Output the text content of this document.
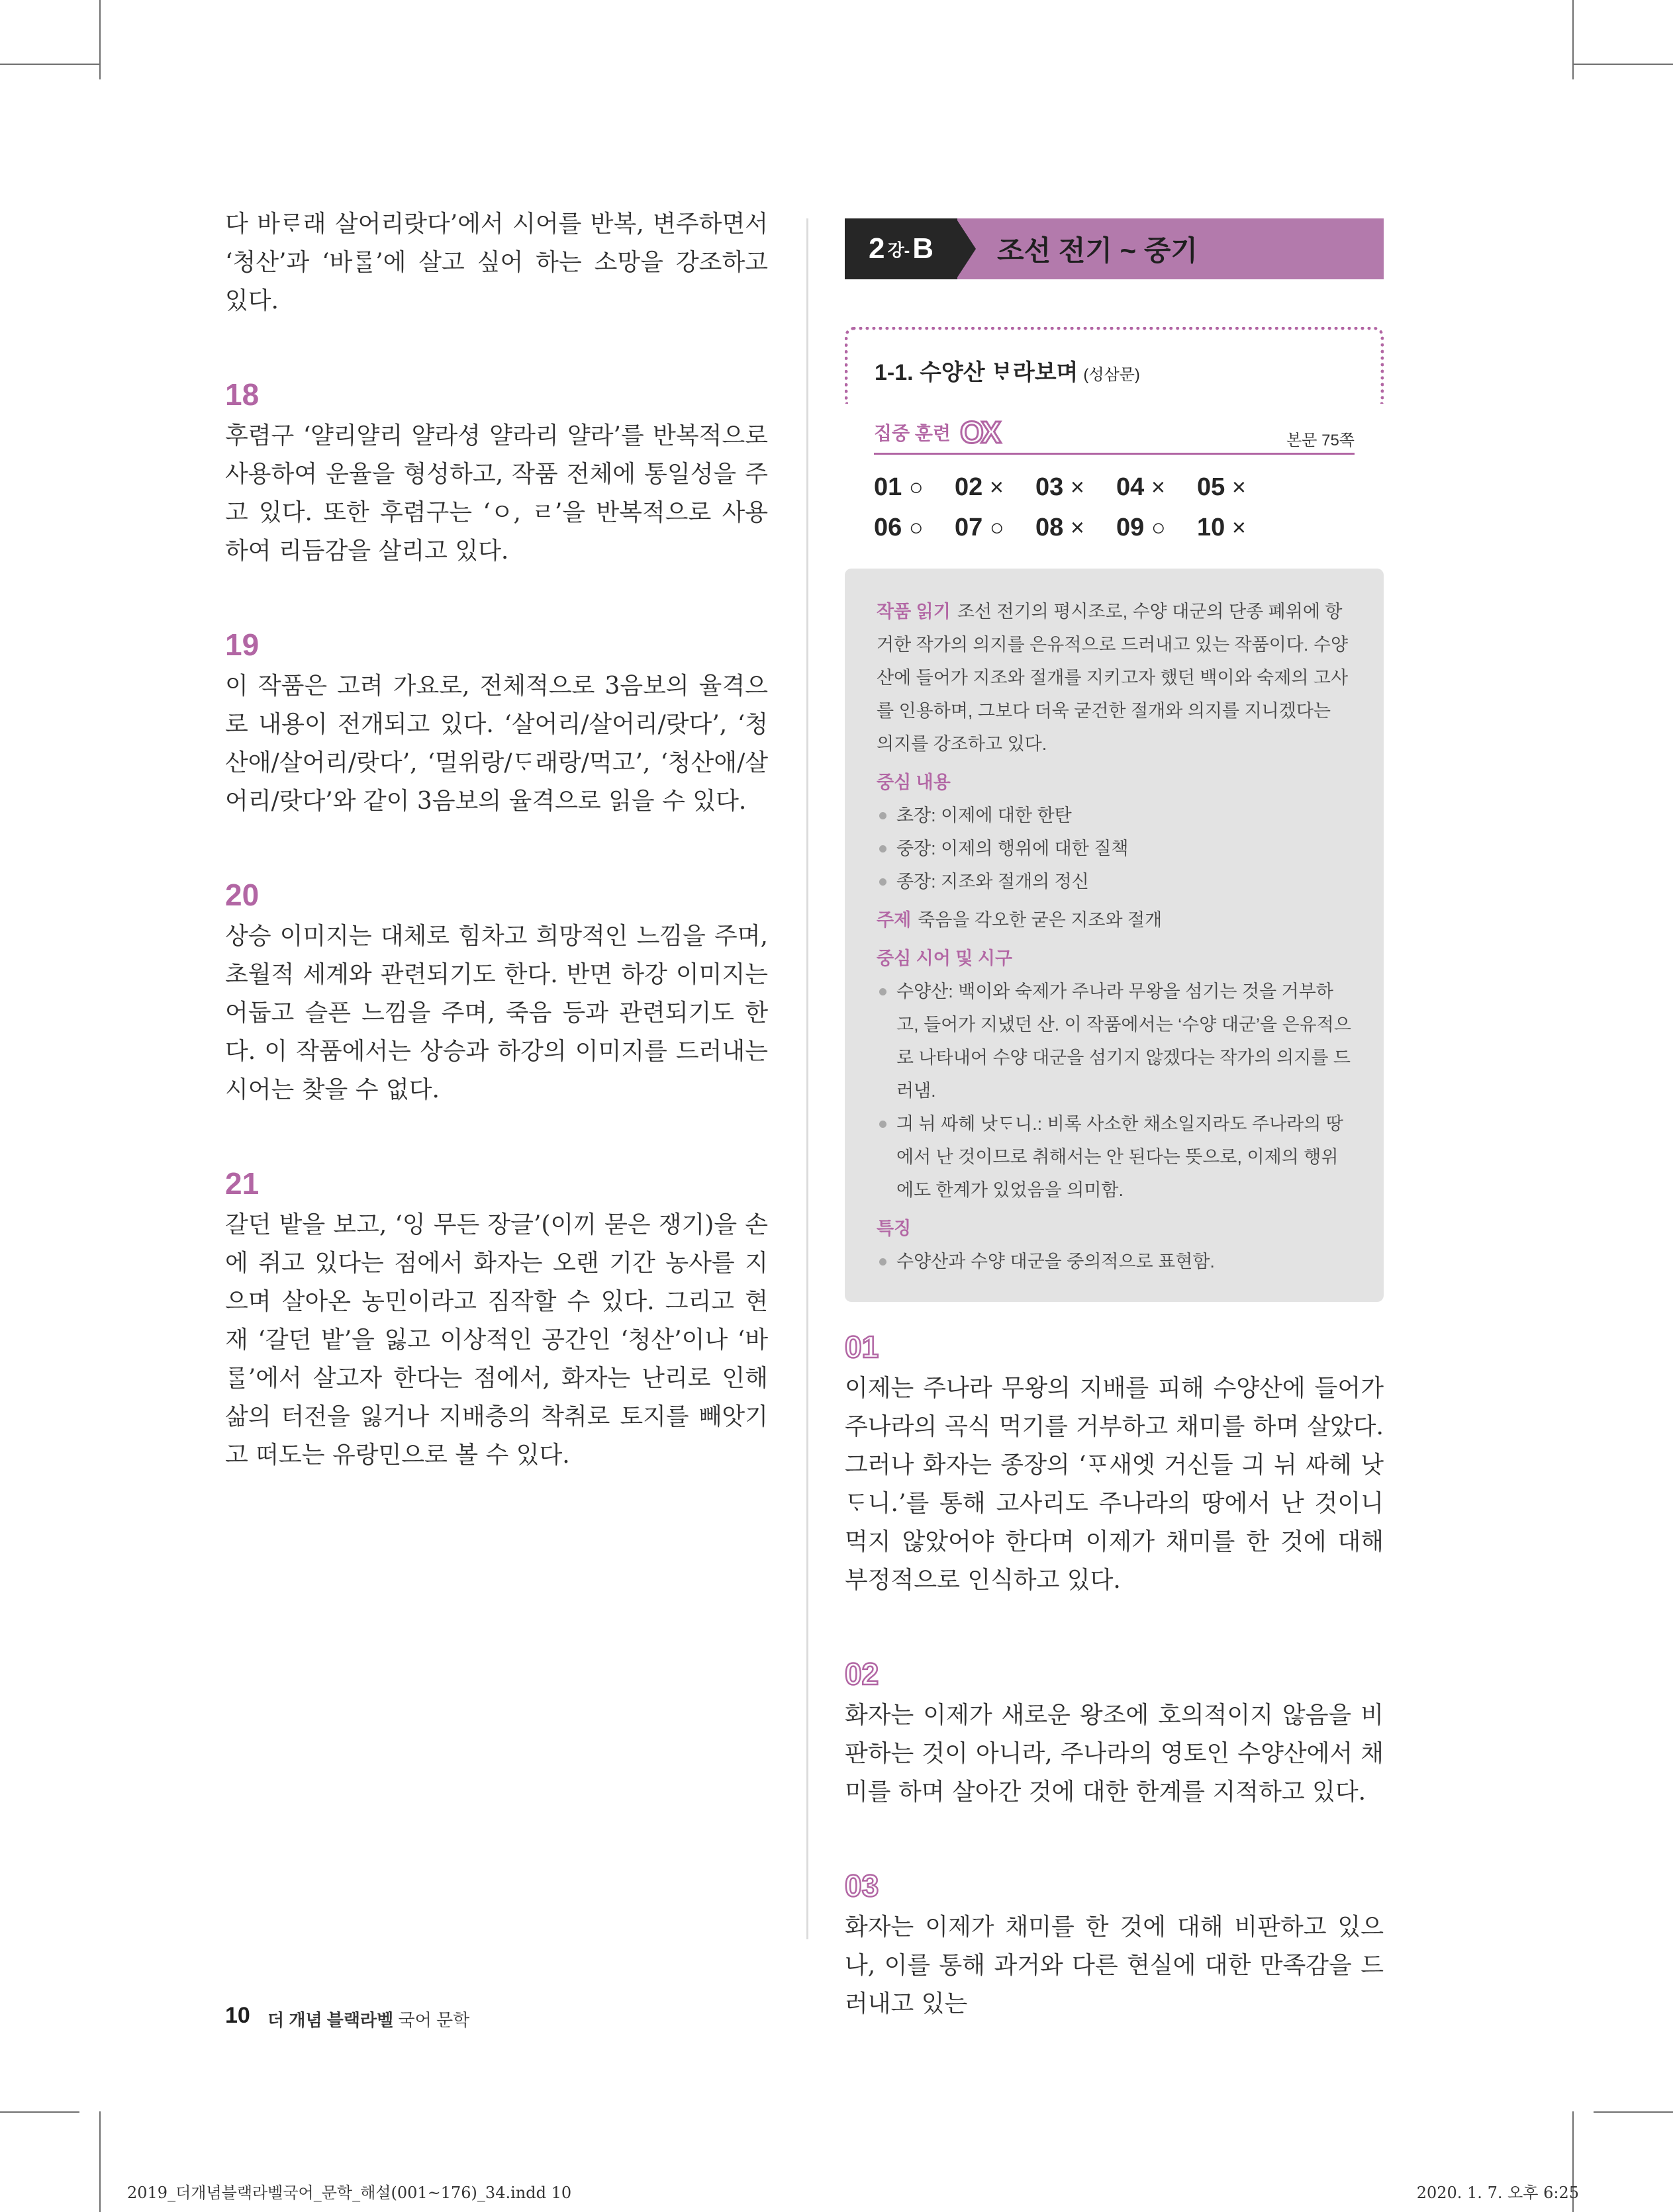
다 바ᄅᆞ래 살어리랏다’에서 시어를 반복, 변주하면서 ‘청산’과 ‘바ᄅᆞᆯ’에 살고 싶어 하는 소망을 강조하고 있다.

18

후렴구 ‘얄리얄리 얄라셩 얄라리 얄라’를 반복적으로 사용하여 운율을 형성하고, 작품 전체에 통일성을 주고 있다. 또한 후렴구는 ‘ㅇ, ㄹ’을 반복적으로 사용하여 리듬감을 살리고 있다.

19

이 작품은 고려 가요로, 전체적으로 3음보의 율격으로 내용이 전개되고 있다. ‘살어리/살어리/랏다’, ‘청산애/살어리/랏다’, ‘멀위랑/ᄃᆞ래랑/먹고’, ‘청산애/살어리/랏다’와 같이 3음보의 율격으로 읽을 수 있다.

20

상승 이미지는 대체로 힘차고 희망적인 느낌을 주며, 초월적 세계와 관련되기도 한다. 반면 하강 이미지는 어둡고 슬픈 느낌을 주며, 죽음 등과 관련되기도 한다. 이 작품에서는 상승과 하강의 이미지를 드러내는 시어는 찾을 수 없다.

21

갈던 밭을 보고, ‘잉 무든 장글’(이끼 묻은 쟁기)을 손에 쥐고 있다는 점에서 화자는 오랜 기간 농사를 지으며 살아온 농민이라고 짐작할 수 있다. 그리고 현재 ‘갈던 밭’을 잃고 이상적인 공간인 ‘청산’이나 ‘바ᄅᆞᆯ’에서 살고자 한다는 점에서, 화자는 난리로 인해 삶의 터전을 잃거나 지배층의 착취로 토지를 빼앗기고 떠도는 유랑민으로 볼 수 있다.

2 강- B	조선 전기 ~ 중기
1-1. 수양산 ᄇᆞ라보며 (성삼문)
집중 훈련 OX	본문 75쪽
01 ○	02 ×	03 ×	04 ×	05 ×
06 ○	07 ○	08 ×	09 ○	10 ×
작품 읽기 조선 전기의 평시조로, 수양 대군의 단종 폐위에 항거한 작가의 의지를 은유적으로 드러내고 있는 작품이다. 수양산에 들어가 지조와 절개를 지키고자 했던 백이와 숙제의 고사를 인용하며, 그보다 더욱 굳건한 절개와 의지를 지니겠다는 의지를 강조하고 있다.
중심 내용
초장: 이제에 대한 한탄
중장: 이제의 행위에 대한 질책
종장: 지조와 절개의 정신
주제 죽음을 각오한 굳은 지조와 절개
중심 시어 및 시구
수양산: 백이와 숙제가 주나라 무왕을 섬기는 것을 거부하고, 들어가 지냈던 산. 이 작품에서는 ‘수양 대군’을 은유적으로 나타내어 수양 대군을 섬기지 않겠다는 작가의 의지를 드러냄.
긔 뉘 ᄯᅡ헤 낫ᄃᆞ니.: 비록 사소한 채소일지라도 주나라의 땅에서 난 것이므로 취해서는 안 된다는 뜻으로, 이제의 행위에도 한계가 있었음을 의미함.
특징
수양산과 수양 대군을 중의적으로 표현함.

01

이제는 주나라 무왕의 지배를 피해 수양산에 들어가 주나라의 곡식 먹기를 거부하고 채미를 하며 살았다. 그러나 화자는 종장의 ‘ᄑᆞ새엣 거신들 긔 뉘 ᄯᅡ헤 낫ᄃᆞ니.’를 통해 고사리도 주나라의 땅에서 난 것이니 먹지 않았어야 한다며 이제가 채미를 한 것에 대해 부정적으로 인식하고 있다.

02

화자는 이제가 새로운 왕조에 호의적이지 않음을 비판하는 것이 아니라, 주나라의 영토인 수양산에서 채미를 하며 살아간 것에 대한 한계를 지적하고 있다.

03

화자는 이제가 채미를 한 것에 대해 비판하고 있으나, 이를 통해 과거와 다른 현실에 대한 만족감을 드러내고 있는

10 더 개념 블랙라벨 국어 문학
2019_더개념블랙라벨국어_문학_해설(001~176)_34.indd 10	2020. 1. 7. 오후 6:25
